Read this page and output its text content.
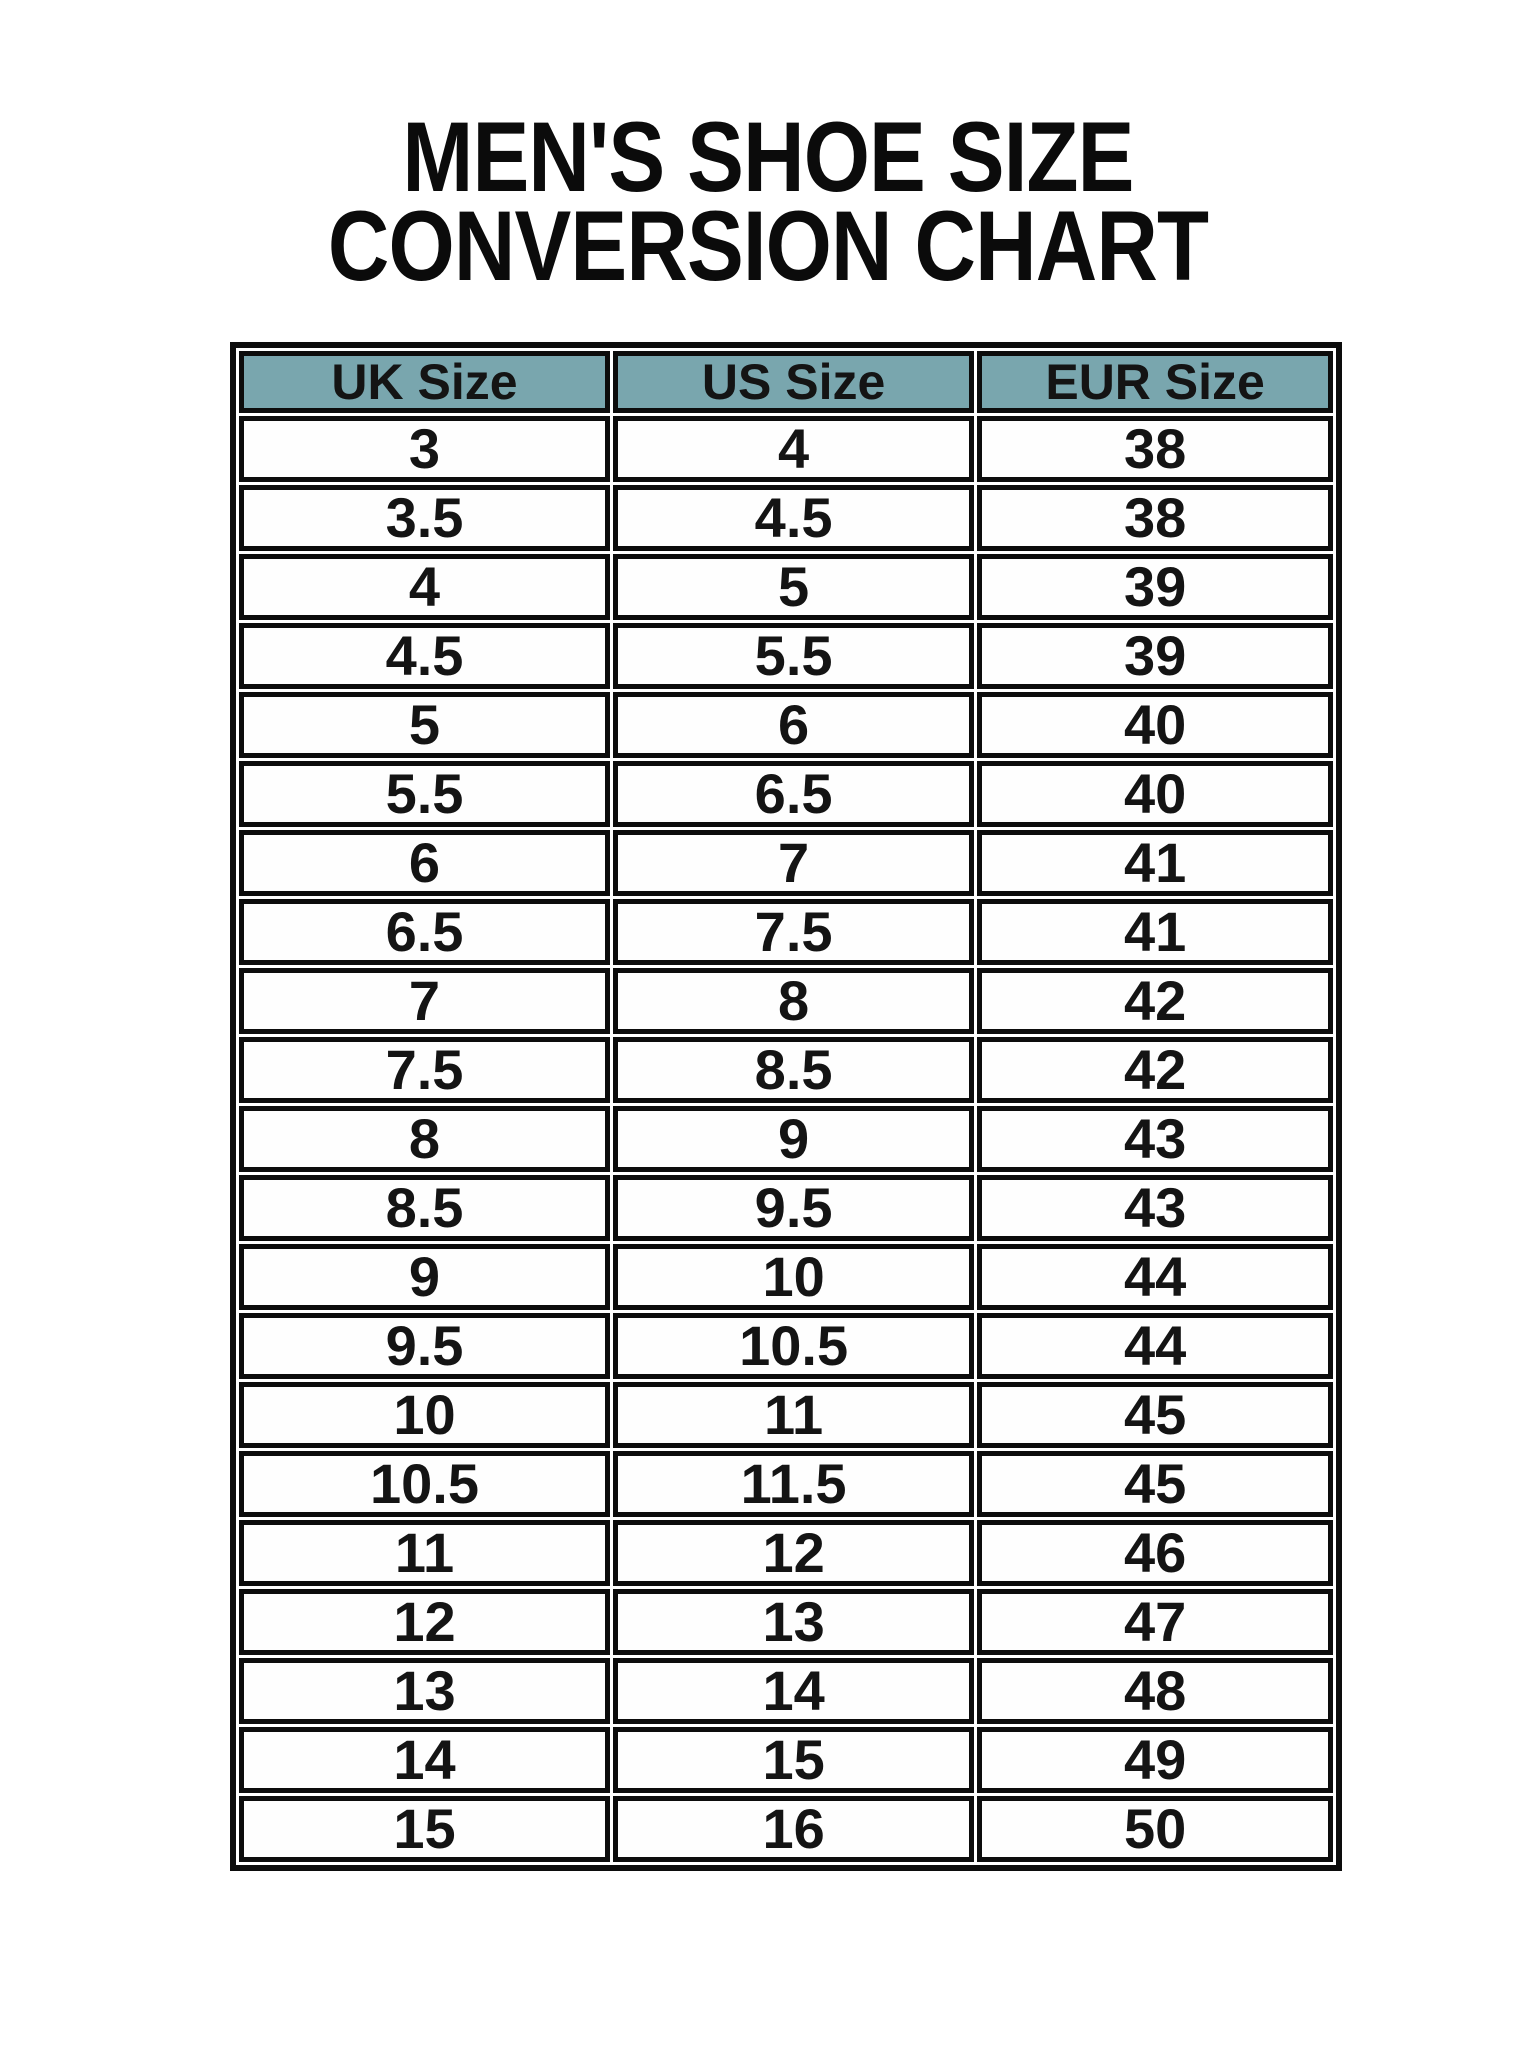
MEN'S SHOE SIZE
CONVERSION CHART
UK Size	US Size	EUR Size
3	4	38
3.5	4.5	38
4	5	39
4.5	5.5	39
5	6	40
5.5	6.5	40
6	7	41
6.5	7.5	41
7	8	42
7.5	8.5	42
8	9	43
8.5	9.5	43
9	10	44
9.5	10.5	44
10	11	45
10.5	11.5	45
11	12	46
12	13	47
13	14	48
14	15	49
15	16	50
